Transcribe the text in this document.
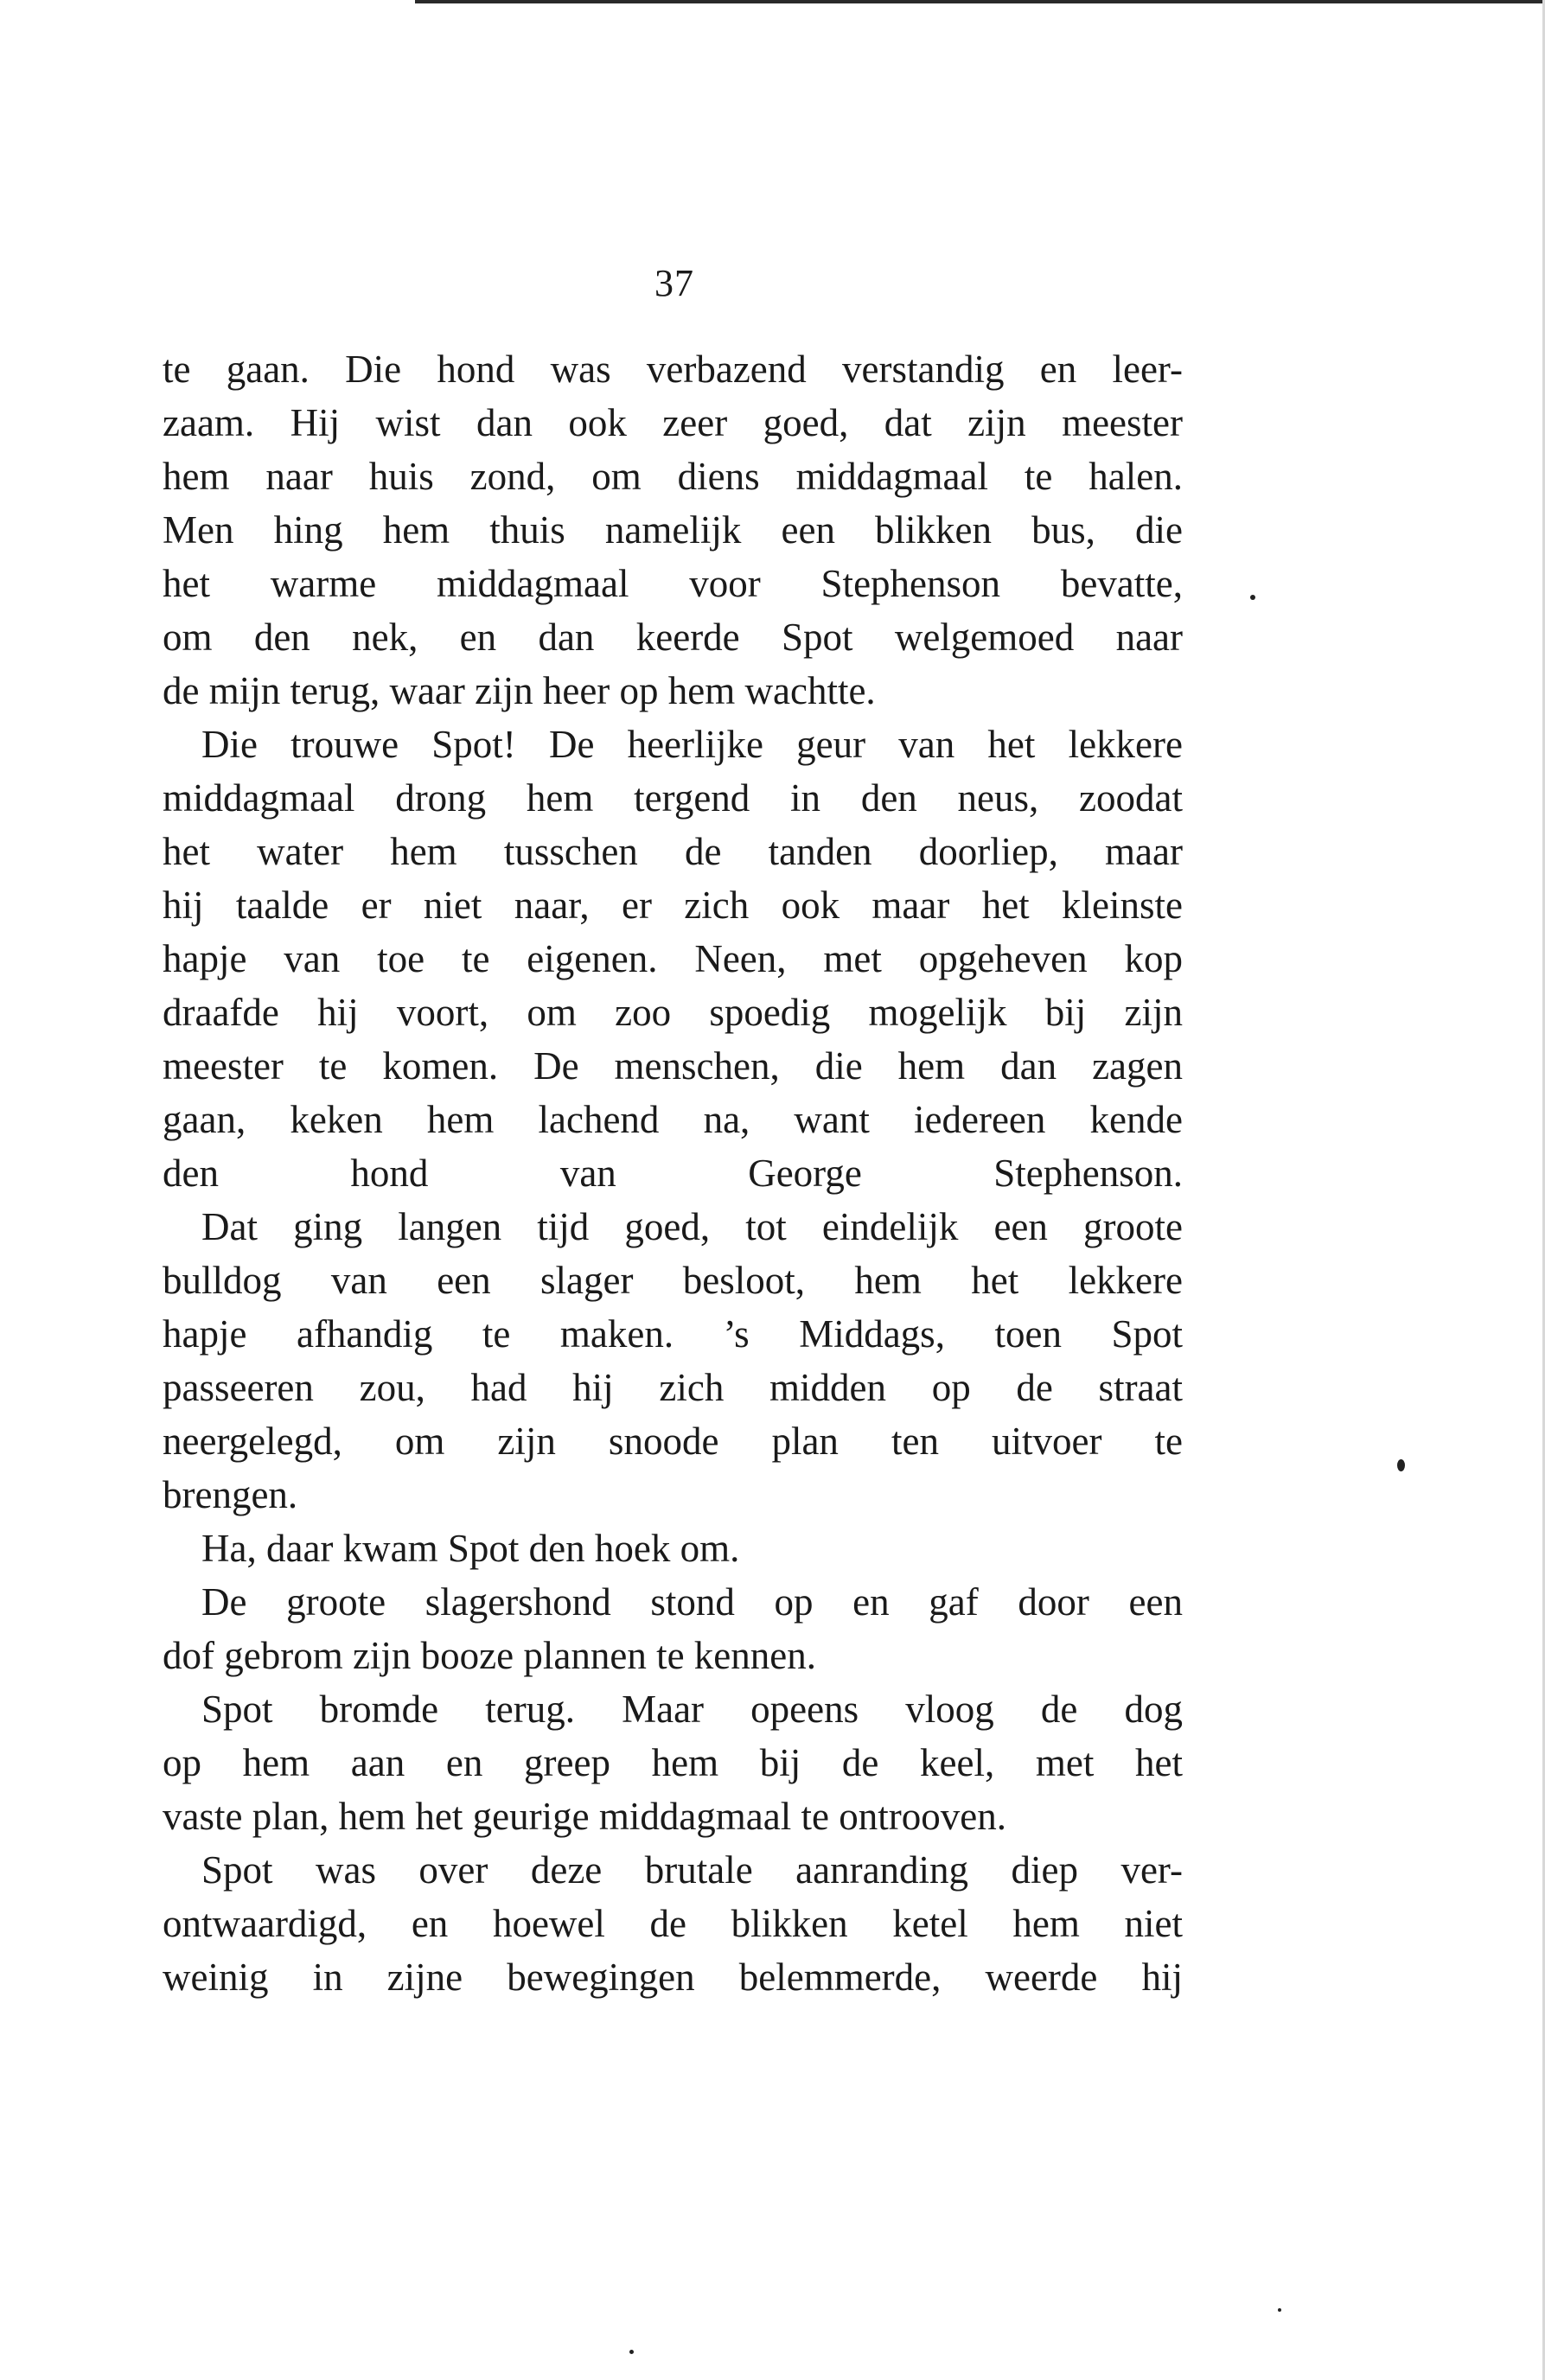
37

te gaan. Die hond was verbazend verstandig en leer-
zaam. Hij wist dan ook zeer goed, dat zijn meester
hem naar huis zond, om diens middagmaal te halen.
Men hing hem thuis namelijk een blikken bus, die
het warme middagmaal voor Stephenson bevatte,
om den nek, en dan keerde Spot welgemoed naar
de mijn terug, waar zijn heer op hem wachtte.

Die trouwe Spot! De heerlijke geur van het lekkere
middagmaal drong hem tergend in den neus, zoodat
het water hem tusschen de tanden doorliep, maar
hij taalde er niet naar, er zich ook maar het kleinste
hapje van toe te eigenen. Neen, met opgeheven kop
draafde hij voort, om zoo spoedig mogelijk bij zijn
meester te komen. De menschen, die hem dan zagen
gaan, keken hem lachend na, want iedereen kende
den hond van George Stephenson.

Dat ging langen tijd goed, tot eindelijk een groote
bulldog van een slager besloot, hem het lekkere
hapje afhandig te maken. ’s Middags, toen Spot
passeeren zou, had hij zich midden op de straat
neergelegd, om zijn snoode plan ten uitvoer te
brengen.

Ha, daar kwam Spot den hoek om.

De groote slagershond stond op en gaf door een
dof gebrom zijn booze plannen te kennen.

Spot bromde terug. Maar opeens vloog de dog
op hem aan en greep hem bij de keel, met het
vaste plan, hem het geurige middagmaal te ontrooven.

Spot was over deze brutale aanranding diep ver-
ontwaardigd, en hoewel de blikken ketel hem niet
weinig in zijne bewegingen belemmerde, weerde hij
